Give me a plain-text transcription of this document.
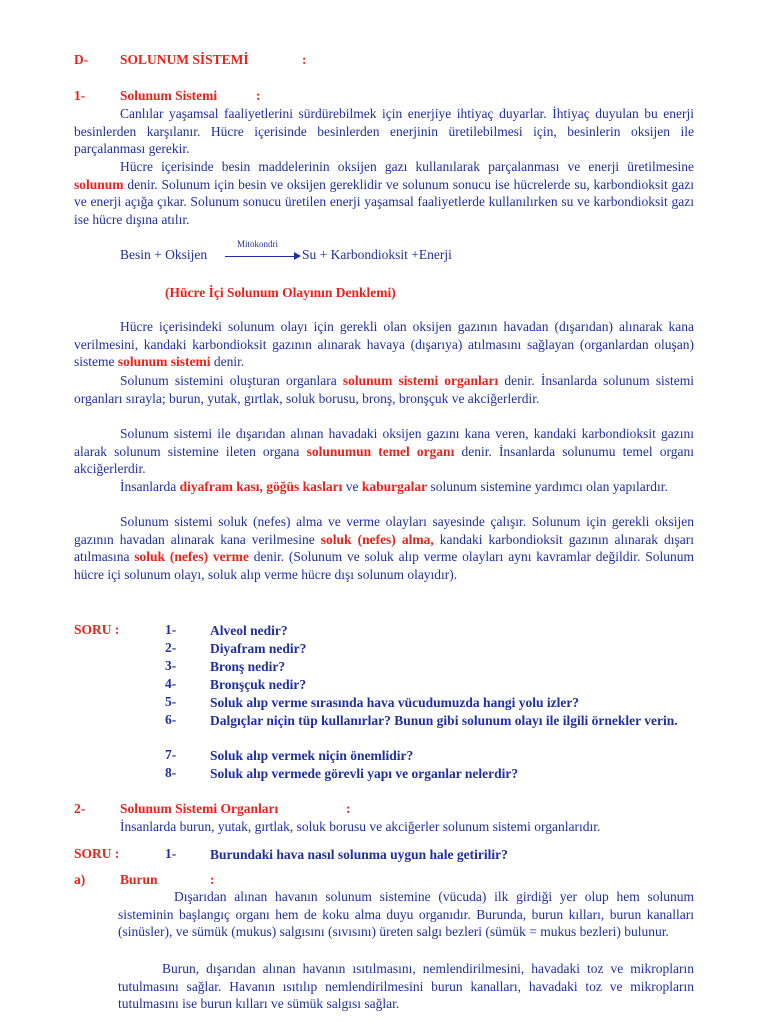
D- SOLUNUM SİSTEMİ	:
1-	Solunum Sistemi	:
Canlılar yaşamsal faaliyetlerini sürdürebilmek için enerjiye ihtiyaç duyarlar. İhtiyaç duyulan bu enerji besinlerden karşılanır. Hücre içerisinde besinlerden enerjinin üretilebilmesi için, besinlerin oksijen ile parçalanması gerekir.
Hücre içerisinde besin maddelerinin oksijen gazı kullanılarak parçalanması ve enerji üretilmesine solunum denir. Solunum için besin ve oksijen gereklidir ve solunum sonucu ise hücrelerde su, karbondioksit gazı ve enerji açığa çıkar. Solunum sonucu üretilen enerji yaşamsal faaliyetlerde kullanılırken su ve karbondioksit gazı ise hücre dışına atılır.
Besin + Oksijen
Mitokondri
Su + Karbondioksit +Enerji
(Hücre İçi Solunum Olayının Denklemi)
Hücre içerisindeki solunum olayı için gerekli olan oksijen gazının havadan (dışarıdan) alınarak kana verilmesini, kandaki karbondioksit gazının alınarak havaya (dışarıya) atılmasını sağlayan (organlardan oluşan) sisteme solunum sistemi denir.
Solunum sistemini oluşturan organlara solunum sistemi organları denir. İnsanlarda solunum sistemi organları sırayla; burun, yutak, gırtlak, soluk borusu, bronş, bronşçuk ve akciğerlerdir.
Solunum sistemi ile dışarıdan alınan havadaki oksijen gazını kana veren, kandaki karbondioksit gazını alarak solunum sistemine ileten organa solunumun temel organı denir. İnsanlarda solunumu temel organı akciğerlerdir.
İnsanlarda diyafram kası, göğüs kasları ve kaburgalar solunum sistemine yardımcı olan yapılardır.
Solunum sistemi soluk (nefes) alma ve verme olayları sayesinde çalışır. Solunum için gerekli oksijen gazının havadan alınarak kana verilmesine soluk (nefes) alma, kandaki karbondioksit gazının alınarak dışarı atılmasına soluk (nefes) verme denir. (Solunum ve soluk alıp verme olayları aynı kavramlar değildir. Solunum hücre içi solunum olayı, soluk alıp verme hücre dışı solunum olayıdır).
SORU :	1-	Alveol nedir?
2-	Diyafram nedir?
3-	Bronş nedir?
4-	Bronşçuk nedir?
5-	Soluk alıp verme sırasında hava vücudumuzda hangi yolu izler?
6-	Dalgıçlar niçin tüp kullanırlar? Bunun gibi solunum olayı ile ilgili örnekler verin.
7-	Soluk alıp vermek niçin önemlidir?
8-	Soluk alıp vermede görevli yapı ve organlar nelerdir?
2-	Solunum Sistemi Organları	:
İnsanlarda burun, yutak, gırtlak, soluk borusu ve akciğerler solunum sistemi organlarıdır.
SORU :	1-	Burundaki hava nasıl solunma uygun hale getirilir?
a)	Burun	:
Dışarıdan alınan havanın solunum sistemine (vücuda) ilk girdiği yer olup hem solunum sisteminin başlangıç organı hem de koku alma duyu organıdır. Burunda, burun kılları, burun kanalları (sinüsler), ve sümük (mukus) salgısını (sıvısını) üreten salgı bezleri (sümük = mukus bezleri) bulunur.
Burun, dışarıdan alınan havanın ısıtılmasını, nemlendirilmesini, havadaki toz ve mikropların tutulmasını sağlar. Havanın ısıtılıp nemlendirilmesini burun kanalları, havadaki toz ve mikropların tutulmasını ise burun kılları ve sümük salgısı sağlar.
